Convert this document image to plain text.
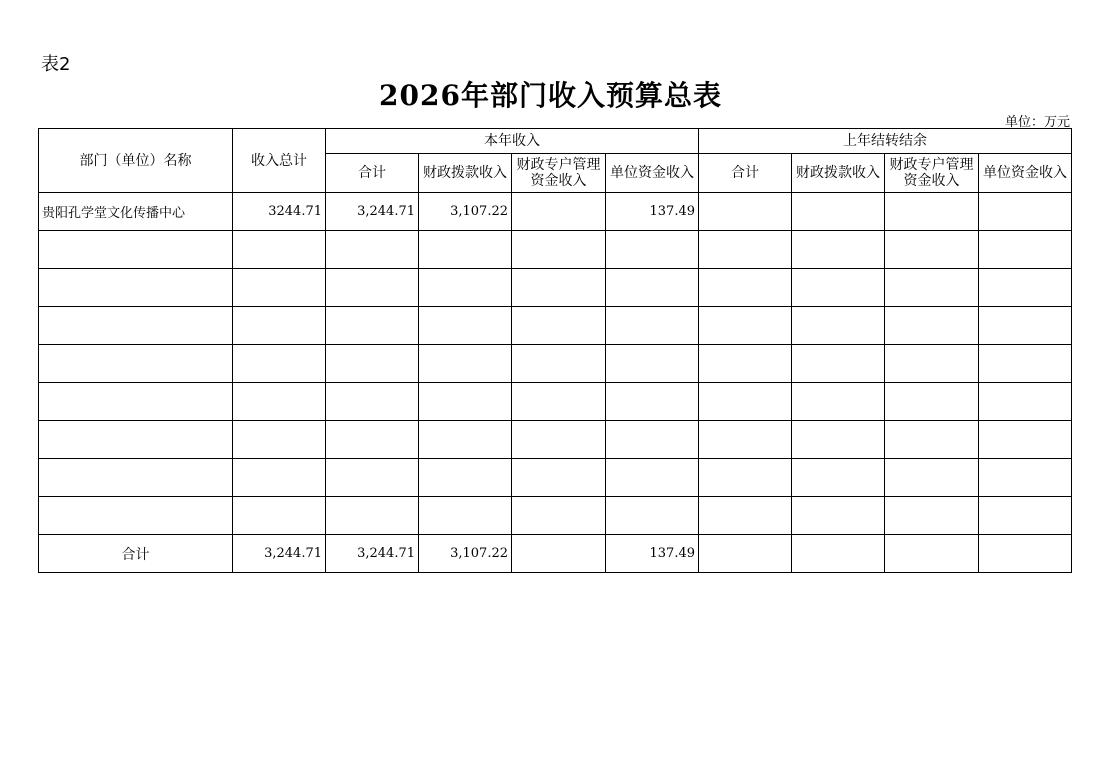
表2
2026年部门收入预算总表
单位：万元
部门（单位）名称	收入总计	本年收入				上年结转结余			
		合计	财政拨款收入	财政专户管理资金收入	单位资金收入	合计	财政拨款收入	财政专户管理资金收入	单位资金收入
贵阳孔学堂文化传播中心	3244.71	3,244.71	3,107.22		137.49				

合计	3,244.71	3,244.71	3,107.22		137.49				
